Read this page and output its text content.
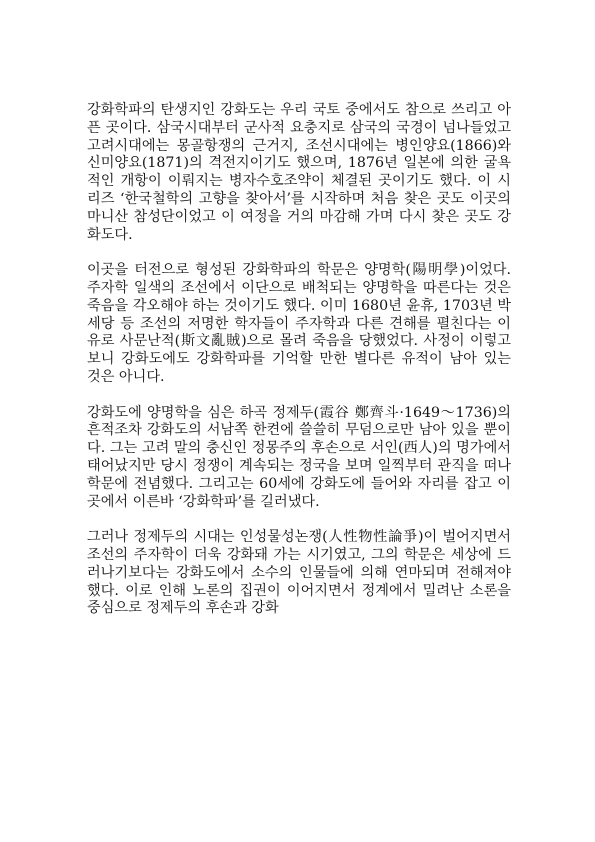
강화학파의 탄생지인 강화도는 우리 국토 중에서도 참으로 쓰리고 아픈 곳이다. 삼국시대부터 군사적 요충지로 삼국의 국경이 넘나들었고 고려시대에는 몽골항쟁의 근거지, 조선시대에는 병인양요(1866)와 신미양요(1871)의 격전지이기도 했으며, 1876년 일본에 의한 굴욕적인 개항이 이뤄지는 병자수호조약이 체결된 곳이기도 했다. 이 시리즈 ‘한국철학의 고향을 찾아서’를 시작하며 처음 찾은 곳도 이곳의 마니산 참성단이었고 이 여정을 거의 마감해 가며 다시 찾은 곳도 강화도다.

이곳을 터전으로 형성된 강화학파의 학문은 양명학(陽明學)이었다. 주자학 일색의 조선에서 이단으로 배척되는 양명학을 따른다는 것은 죽음을 각오해야 하는 것이기도 했다. 이미 1680년 윤휴, 1703년 박세당 등 조선의 저명한 학자들이 주자학과 다른 견해를 펼친다는 이유로 사문난적(斯文亂賊)으로 몰려 죽음을 당했었다. 사정이 이렇고 보니 강화도에도 강화학파를 기억할 만한 별다른 유적이 남아 있는 것은 아니다.

강화도에 양명학을 심은 하곡 정제두(霞谷 鄭齊斗·1649～1736)의 흔적조차 강화도의 서남쪽 한켠에 쓸쓸히 무덤으로만 남아 있을 뿐이다. 그는 고려 말의 충신인 정몽주의 후손으로 서인(西人)의 명가에서 태어났지만 당시 정쟁이 계속되는 정국을 보며 일찍부터 관직을 떠나 학문에 전념했다. 그리고는 60세에 강화도에 들어와 자리를 잡고 이곳에서 이른바 ‘강화학파’를 길러냈다.

그러나 정제두의 시대는 인성물성논쟁(人性物性論爭)이 벌어지면서 조선의 주자학이 더욱 강화돼 가는 시기였고, 그의 학문은 세상에 드러나기보다는 강화도에서 소수의 인물들에 의해 연마되며 전해져야 했다. 이로 인해 노론의 집권이 이어지면서 정계에서 밀려난 소론을 중심으로 정제두의 후손과 강화
